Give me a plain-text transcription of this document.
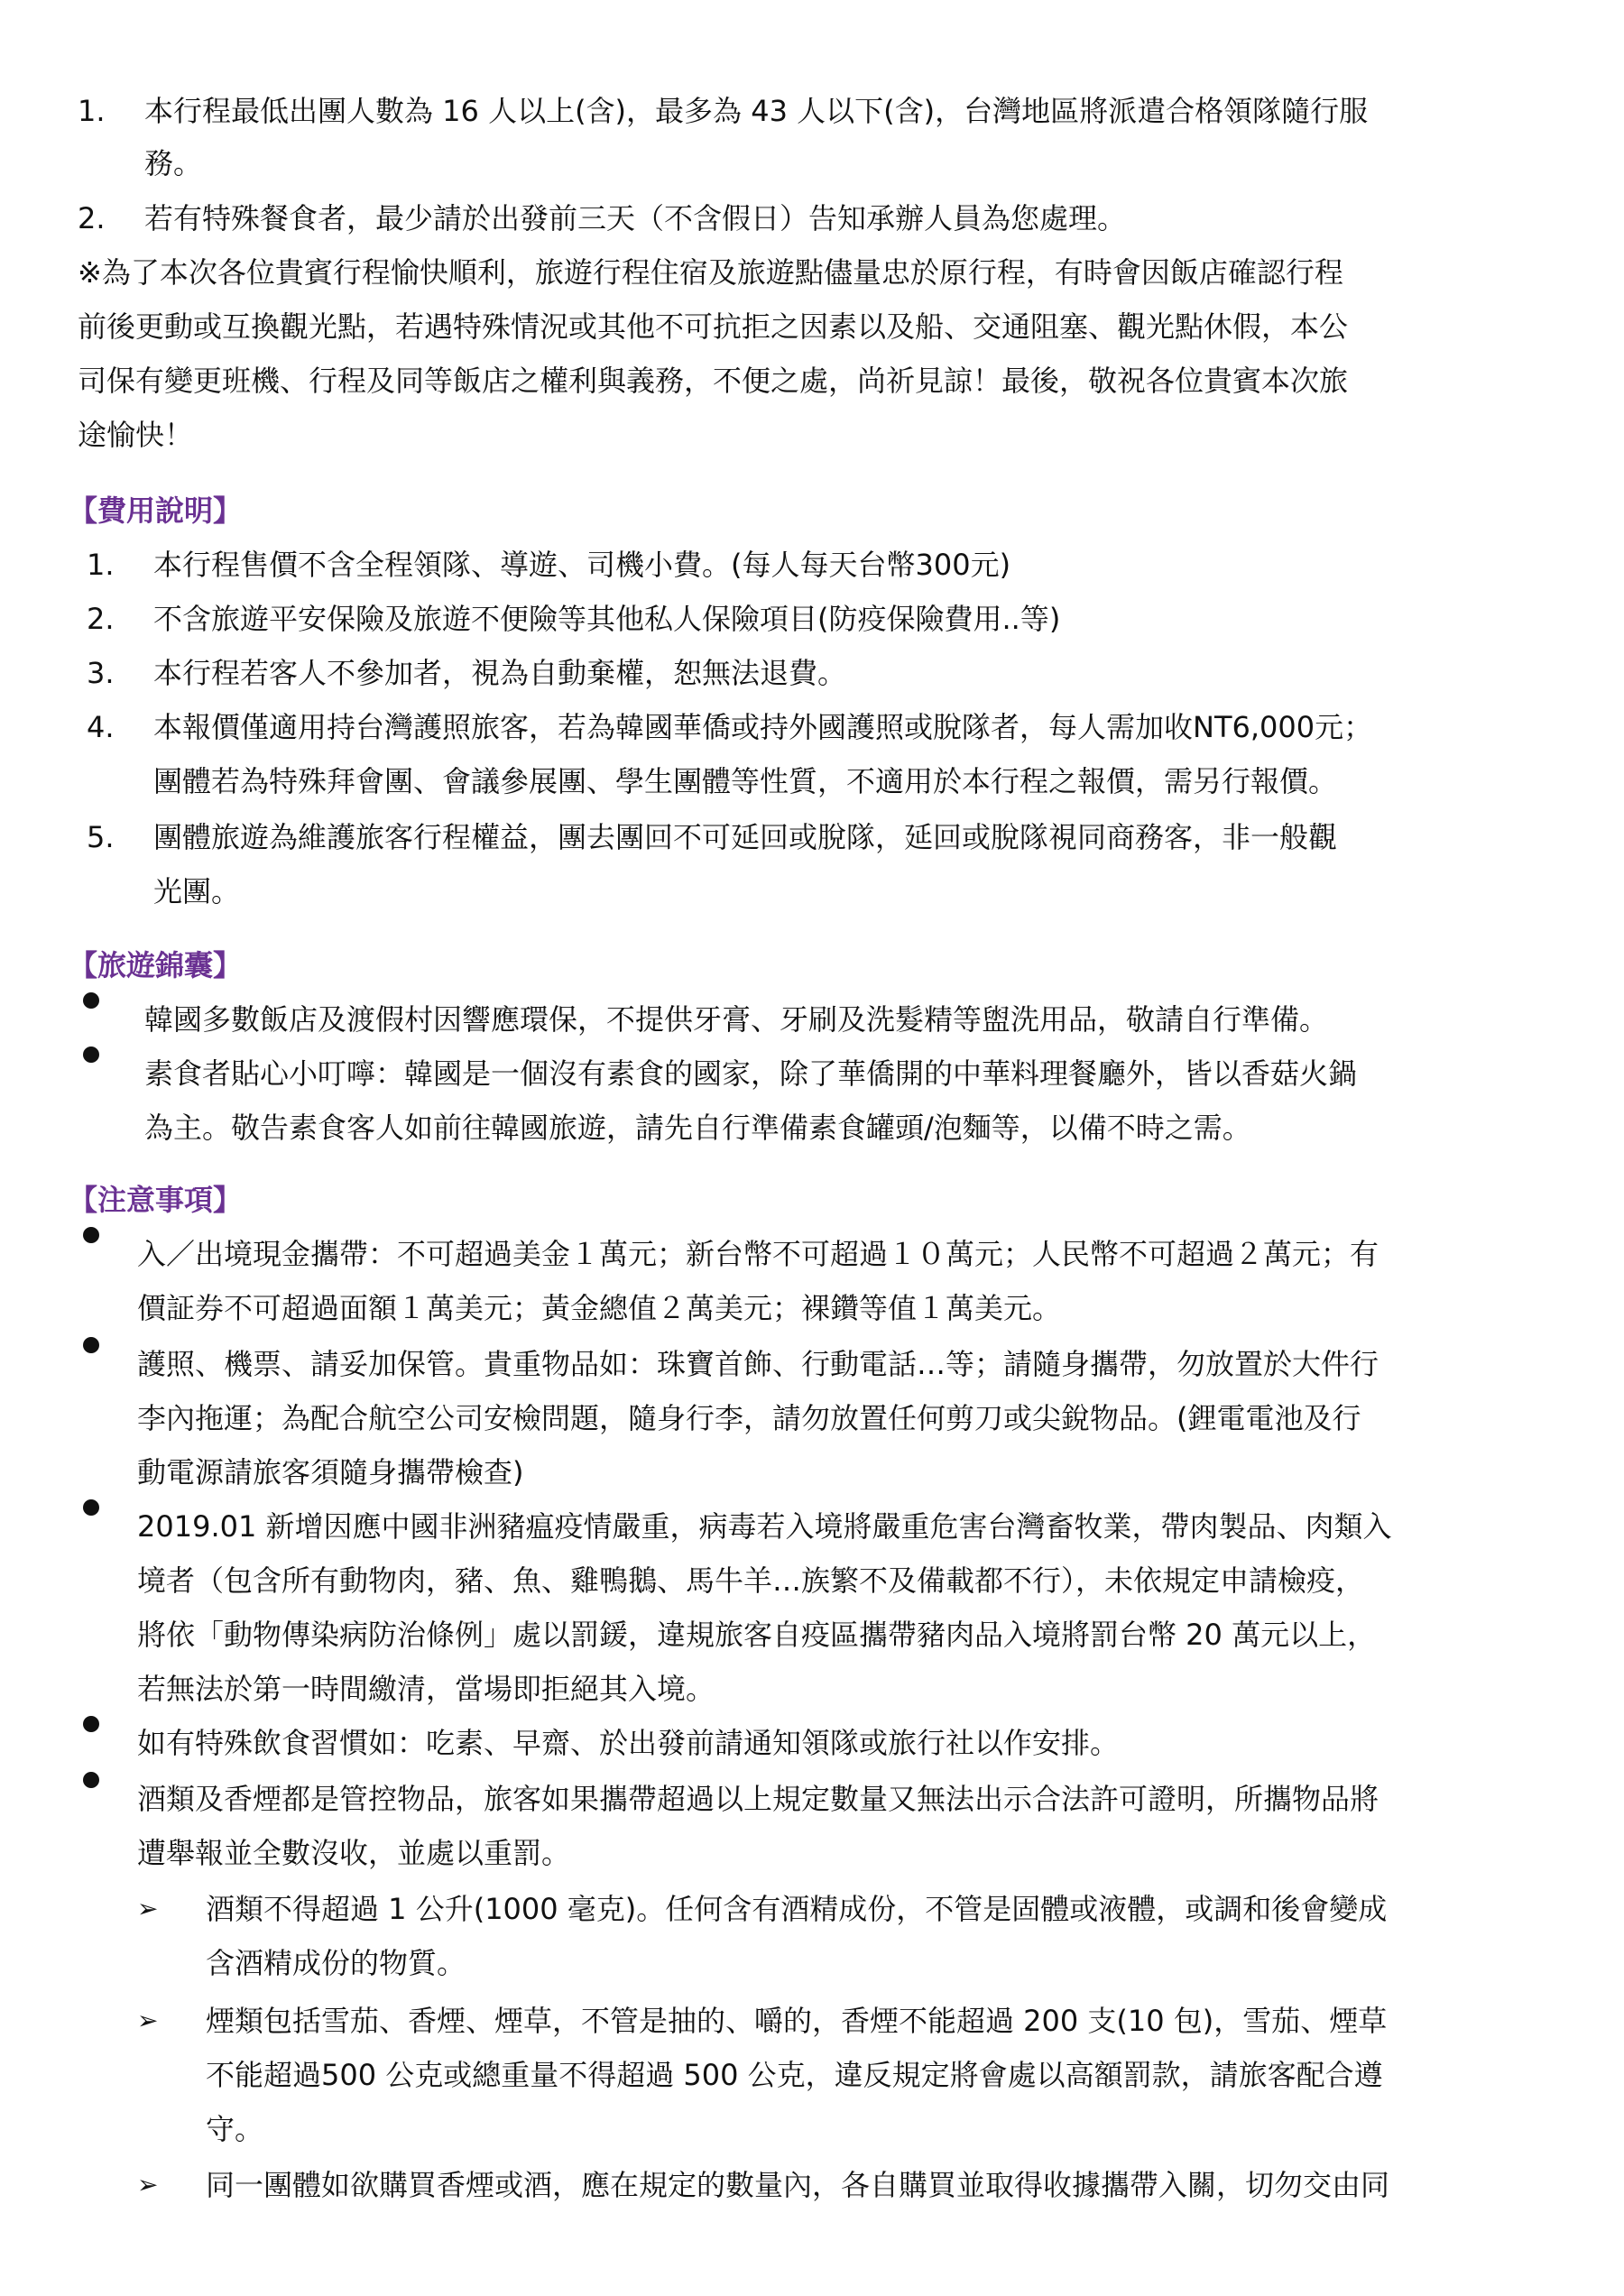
1. 本行程最低出團人數為 16 人以上(含)，最多為 43 人以下(含)，台灣地區將派遣合格領隊隨行服
務。
2. 若有特殊餐食者，最少請於出發前三天（不含假日）告知承辦人員為您處理。
※為了本次各位貴賓行程愉快順利，旅遊行程住宿及旅遊點儘量忠於原行程，有時會因飯店確認行程
前後更動或互換觀光點，若遇特殊情況或其他不可抗拒之因素以及船、交通阻塞、觀光點休假，本公
司保有變更班機、行程及同等飯店之權利與義務，不便之處，尚祈見諒！最後，敬祝各位貴賓本次旅
途愉快！
【費用說明】
1. 本行程售價不含全程領隊、導遊、司機小費。(每人每天台幣300元)
2. 不含旅遊平安保險及旅遊不便險等其他私人保險項目(防疫保險費用..等)
3. 本行程若客人不參加者，視為自動棄權，恕無法退費。
4. 本報價僅適用持台灣護照旅客，若為韓國華僑或持外國護照或脫隊者，每人需加收NT6,000元；
團體若為特殊拜會團、會議參展團、學生團體等性質，不適用於本行程之報價，需另行報價。
5. 團體旅遊為維護旅客行程權益，團去團回不可延回或脫隊，延回或脫隊視同商務客，非一般觀
光團。
【旅遊錦囊】
韓國多數飯店及渡假村因響應環保，不提供牙膏、牙刷及洗髮精等盥洗用品，敬請自行準備。
素食者貼心小叮嚀：韓國是一個沒有素食的國家，除了華僑開的中華料理餐廳外，皆以香菇火鍋
為主。敬告素食客人如前往韓國旅遊，請先自行準備素食罐頭/泡麵等，以備不時之需。
【注意事項】
入／出境現金攜帶：不可超過美金１萬元；新台幣不可超過１０萬元；人民幣不可超過２萬元；有
價証券不可超過面額１萬美元；黃金總值２萬美元；裸鑽等值１萬美元。
護照、機票、請妥加保管。貴重物品如：珠寶首飾、行動電話…等；請隨身攜帶，勿放置於大件行
李內拖運；為配合航空公司安檢問題，隨身行李，請勿放置任何剪刀或尖銳物品。(鋰電電池及行
動電源請旅客須隨身攜帶檢查)
2019.01 新增因應中國非洲豬瘟疫情嚴重，病毒若入境將嚴重危害台灣畜牧業，帶肉製品、肉類入
境者（包含所有動物肉，豬、魚、雞鴨鵝、馬牛羊…族繁不及備載都不行），未依規定申請檢疫，
將依「動物傳染病防治條例」處以罰鍰，違規旅客自疫區攜帶豬肉品入境將罰台幣 20 萬元以上，
若無法於第一時間繳清，當場即拒絕其入境。
如有特殊飲食習慣如：吃素、早齋、於出發前請通知領隊或旅行社以作安排。
酒類及香煙都是管控物品，旅客如果攜帶超過以上規定數量又無法出示合法許可證明，所攜物品將
遭舉報並全數沒收，並處以重罰。
➢ 酒類不得超過 1 公升(1000 毫克)。任何含有酒精成份，不管是固體或液體，或調和後會變成
含酒精成份的物質。
➢ 煙類包括雪茄、香煙、煙草，不管是抽的、嚼的，香煙不能超過 200 支(10 包)，雪茄、煙草
不能超過500 公克或總重量不得超過 500 公克，違反規定將會處以高額罰款，請旅客配合遵
守。
➢ 同一團體如欲購買香煙或酒，應在規定的數量內，各自購買並取得收據攜帶入關，切勿交由同
